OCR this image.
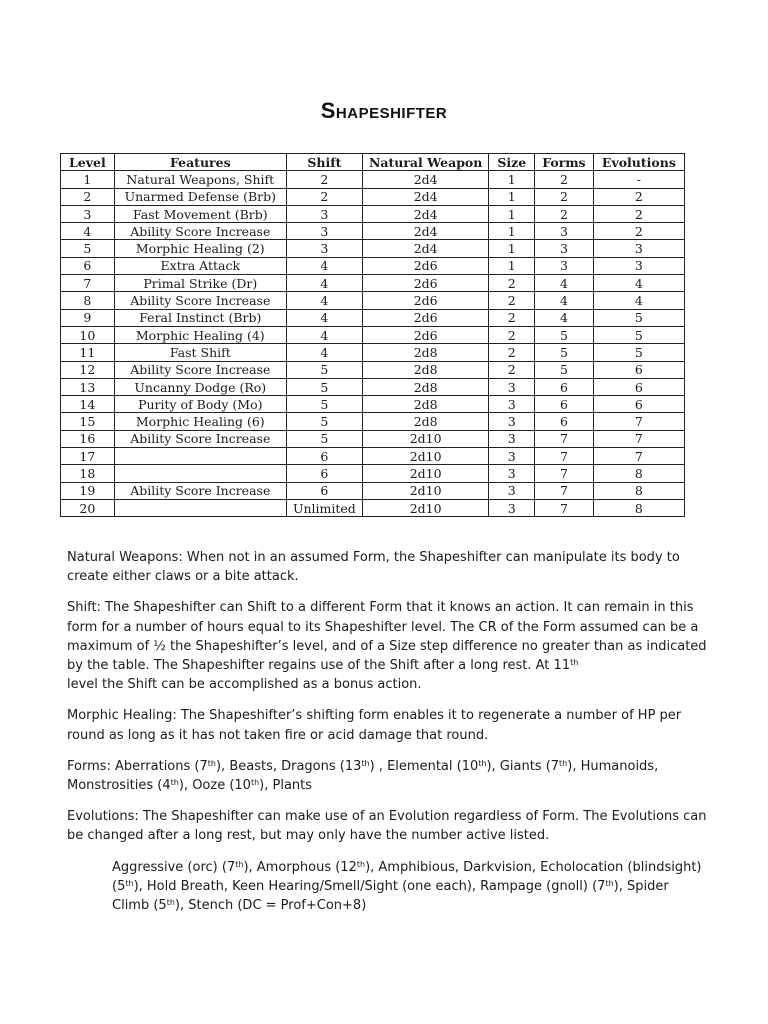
Shapeshifter
Level	Features	Shift	Natural Weapon	Size	Forms	Evolutions
1	Natural Weapons, Shift	2	2d4	1	2	-
2	Unarmed Defense (Brb)	2	2d4	1	2	2
3	Fast Movement (Brb)	3	2d4	1	2	2
4	Ability Score Increase	3	2d4	1	3	2
5	Morphic Healing (2)	3	2d4	1	3	3
6	Extra Attack	4	2d6	1	3	3
7	Primal Strike (Dr)	4	2d6	2	4	4
8	Ability Score Increase	4	2d6	2	4	4
9	Feral Instinct (Brb)	4	2d6	2	4	5
10	Morphic Healing (4)	4	2d6	2	5	5
11	Fast Shift	4	2d8	2	5	5
12	Ability Score Increase	5	2d8	2	5	6
13	Uncanny Dodge (Ro)	5	2d8	3	6	6
14	Purity of Body (Mo)	5	2d8	3	6	6
15	Morphic Healing (6)	5	2d8	3	6	7
16	Ability Score Increase	5	2d10	3	7	7
17		6	2d10	3	7	7
18		6	2d10	3	7	8
19	Ability Score Increase	6	2d10	3	7	8
20		Unlimited	2d10	3	7	8

Natural Weapons: When not in an assumed Form, the Shapeshifter can manipulate its body to create either claws or a bite attack.

Shift: The Shapeshifter can Shift to a different Form that it knows an action. It can remain in this form for a number of hours equal to its Shapeshifter level. The CR of the Form assumed can be a maximum of ½ the Shapeshifter’s level, and of a Size step difference no greater than as indicated by the table. The Shapeshifter regains use of the Shift after a long rest. At 11th
level the Shift can be accomplished as a bonus action.

Morphic Healing: The Shapeshifter’s shifting form enables it to regenerate a number of HP per round as long as it has not taken fire or acid damage that round.

Forms: Aberrations (7th), Beasts, Dragons (13th) , Elemental (10th), Giants (7th), Humanoids, Monstrosities (4th), Ooze (10th), Plants

Evolutions: The Shapeshifter can make use of an Evolution regardless of Form. The Evolutions can be changed after a long rest, but may only have the number active listed.

Aggressive (orc) (7th), Amorphous (12th), Amphibious, Darkvision, Echolocation (blindsight) (5th), Hold Breath, Keen Hearing/Smell/Sight (one each), Rampage (gnoll) (7th), Spider Climb (5th), Stench (DC = Prof+Con+8)
